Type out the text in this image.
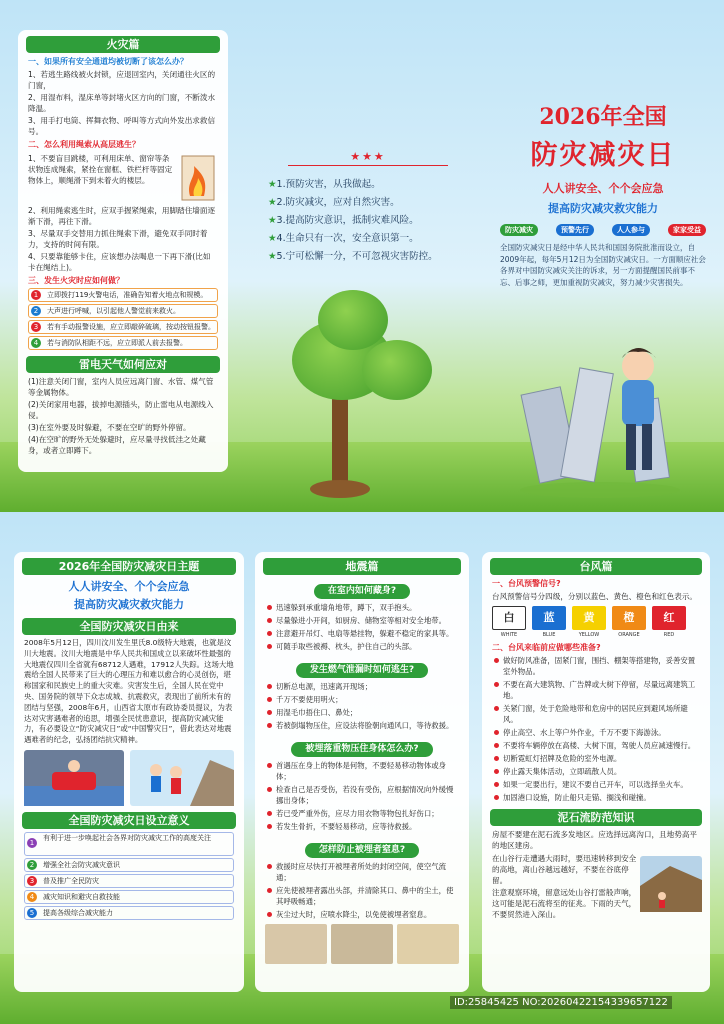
火灾篇
一、如果所有安全通道均被切断了该怎么办？
1、若逃生路线被火封锁，应退回室内，关闭通往火区的门窗，
2、用湿布料，湿床单等封堵火区方向的门窗，不断泼水降温。
3、用手打电筒、挥舞衣物、呼叫等方式向外发出求救信号。
二、怎么利用绳索从高层逃生？
1、不要盲目跳楼，可利用床单、窗帘等条状物连成绳索，紧拴在窗框、铁栏杆等固定物体上，顺绳滑下到未着火的楼层。
2、利用绳索逃生时，应双手握紧绳索，用脚踏住墙面逐渐下滑，再往下滑。
3、尽量双手交替用力抓住绳索下滑，避免双手同时着力，支持的时间有限。
4、只要靠能够卡住，应该想办法喝息一下再下滑(比如卡在绳结上)。
三、发生火灾时应如何做？
1	立即拨打119火警电话，准确告知着火地点和规模。
2	大声进行呼喊，以引起他人警觉前来救火。
3	若有手动报警设施，应立即敲碎破璃，按动按钮报警。
4	若与消防队相距不远，应立即派人前去报警。
雷电天气如何应对
(1)注意关闭门窗，室内人员应远离门窗、水管、煤气管等金属物体。
(2)关闭家用电器，拔掉电源插头，防止雷电从电源线入侵。
(3)在室外要及时躲避，不要在空旷的野外停留。
(4)在空旷的野外无处躲避时，应尽量寻找低洼之处藏身，或者立即蹲下。
★★★
★1.预防灾害，从我做起。
★2.防灾减灾，应对自然灾害。
★3.提高防灾意识，抵制灾难风险。
★4.生命只有一次，安全意识第一。
★5.宁可松懈一分，不可忽视灾害防控。
2026年全国
防灾减灾日
人人讲安全、个个会应急
提高防灾减灾救灾能力
防灾减灾	预警先行	人人参与	家家受益
全国防灾减灾日是经中华人民共和国国务院批准而设立，自2009年起，每年5月12日为全国防灾减灾日。一方面顺应社会各界对中国防灾减灾关注的诉求，另一方面提醒国民前事不忘、后事之师，更加重视防灾减灾，努力减少灾害损失。
2026年全国防灾减灾日主题
人人讲安全、个个会应急
提高防灾减灾救灾能力
全国防灾减灾日由来
2008年5月12日，四川汶川发生里氏8.0级特大地震，也就是汶川大地震。汶川大地震是中华人民共和国成立以来破坏性最强的大地震仅四川全省就有68712人遇难，17912人失踪。这场大地震给全国人民带来了巨大的心理压力和难以愈合的心灵创伤，堪称国家和民族史上的重大灾难。灾害发生后，全国人民在党中央、国务院的领导下众志成城、抗震救灾，表现出了前所未有的团结与坚强，2008年6月，山西省太原市有政协委员提议，为表达对灾害遇难者的追思，增强全民忧患意识，提高防灾减灾能力，有必要设立“防灾减灾日”或“中国警灾日”，借此表达对地震遇难者的纪念，弘扬团结抗灾精神。
全国防灾减灾日设立意义
1
有利于进一步唤起社会各界对防灾减灾工作的高度关注
2	增强全社会防灾减灾意识
3	普及推广全民防灾
4	减灾知识和避灾自救技能
5	提高各级综合减灾能力
地震篇
在室内如何藏身?
迅速躲到承重墙角地带，蹲下，双手抱头。
尽量躲进小开间，如厨房、储物室等相对安全地带。
注意避开吊灯、电扇等悬挂物，躲避不稳定的家具等。
可随手取些被褥、枕头，护住自己的头部。
发生燃气泄漏时如何逃生?
切断总电源，迅速离开现场；
千万不要使用明火；
用湿毛巾捂住口、鼻处；
若被倒塌物压住，应设法将脸朝向通风口，等待救援。
被埋落重物压住身体怎么办?
首遇压在身上的物体是何物，不要轻易移动物体或身体；
检查自己是否受伤，若没有受伤，应根据情况向外缓慢挪出身体；
若已受严重外伤，应尽力用衣物等物包扎好伤口；
若发生骨折，不要轻易移动，应等待救援。
怎样防止被埋者窒息?
救援时应尽快打开被埋者所处的封闭空间，使空气流通；
应先使被埋者露出头部，并清除其口、鼻中的尘土，使其呼吸畅通；
灰尘过大时，应喷水降尘，以免使被埋者窒息。
台风篇
一、台风预警信号?
台风预警信号分四级，分别以蓝色、黄色、橙色和红色表示。
白
WHITE
蓝
BLUE
黄
YELLOW
橙
ORANGE
红
RED
二、台风来临前应做哪些准备?
做好防风准备，固紧门窗，围挡、棚架等搭建物，妥善安置室外物品。
不要在高大建筑物、广告牌或大树下停留，尽量远离建筑工地。
关紧门窗，处于危险地带和危房中的居民应到避风场所避风。
停止高空、水上等户外作业，千万不要下海游泳。
不要将车辆停放在高楼、大树下面，驾驶人员应减速慢行。
切断霓虹灯招牌及危险的室外电源。
停止露天集体活动，立即疏散人员。
如果一定要出行，建议不要自己开车，可以选择坐火车。
加固港口设施，防止船只走锚、搁浅和碰撞。
泥石流防范知识
房屋不要建在泥石流多发地区。应选择远离沟口，且地势高平的地区建房。
在山谷行走遭遇大雨时，要迅速转移到安全的高地，离山谷越远越好，不要在谷底停留。
注意观察环境，留意远处山谷打雷般声响，这可能是泥石流将至的征兆。下雨的天气，不要贸然进入深山。
ID:25845425 NO:20260422154339657122
